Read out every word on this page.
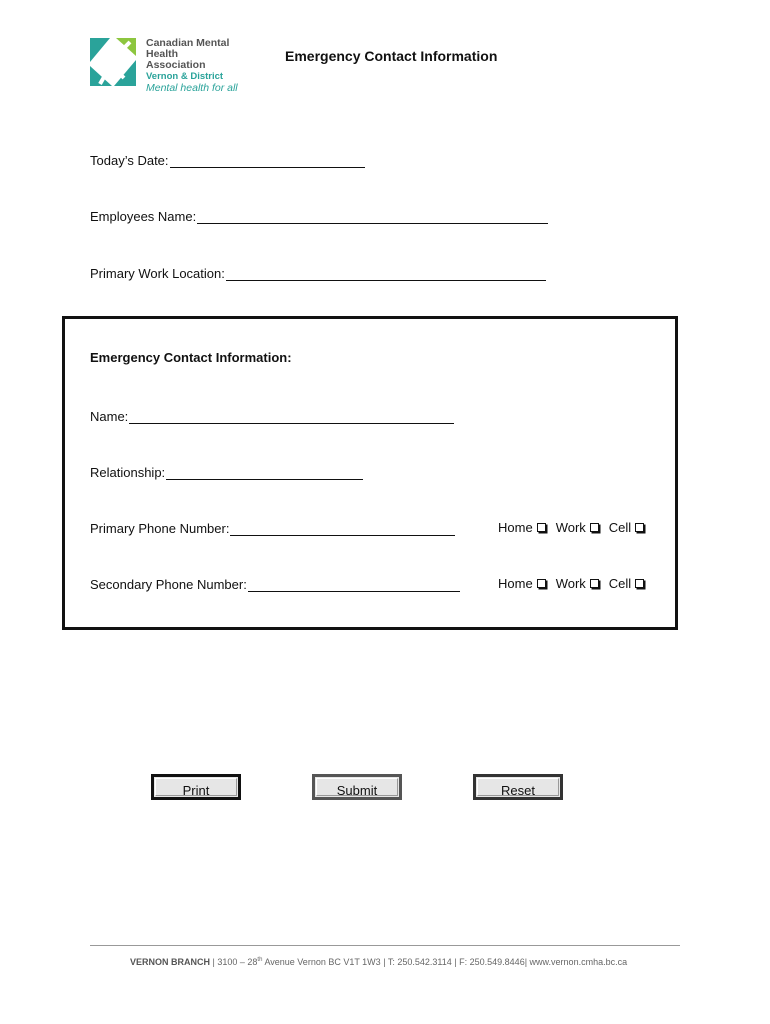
Canadian Mental
Health Association
Vernon & District
Mental health for all
Emergency Contact Information
Today’s Date:
Employees Name:
Primary Work Location:
Emergency Contact Information:
Name:
Relationship:
Primary Phone Number:	Home Work Cell
Secondary Phone Number:	Home Work Cell
Print	Submit	Reset
VERNON BRANCH | 3100 – 28th Avenue Vernon BC V1T 1W3 | T: 250.542.3114 | F: 250.549.8446| www.vernon.cmha.bc.ca
